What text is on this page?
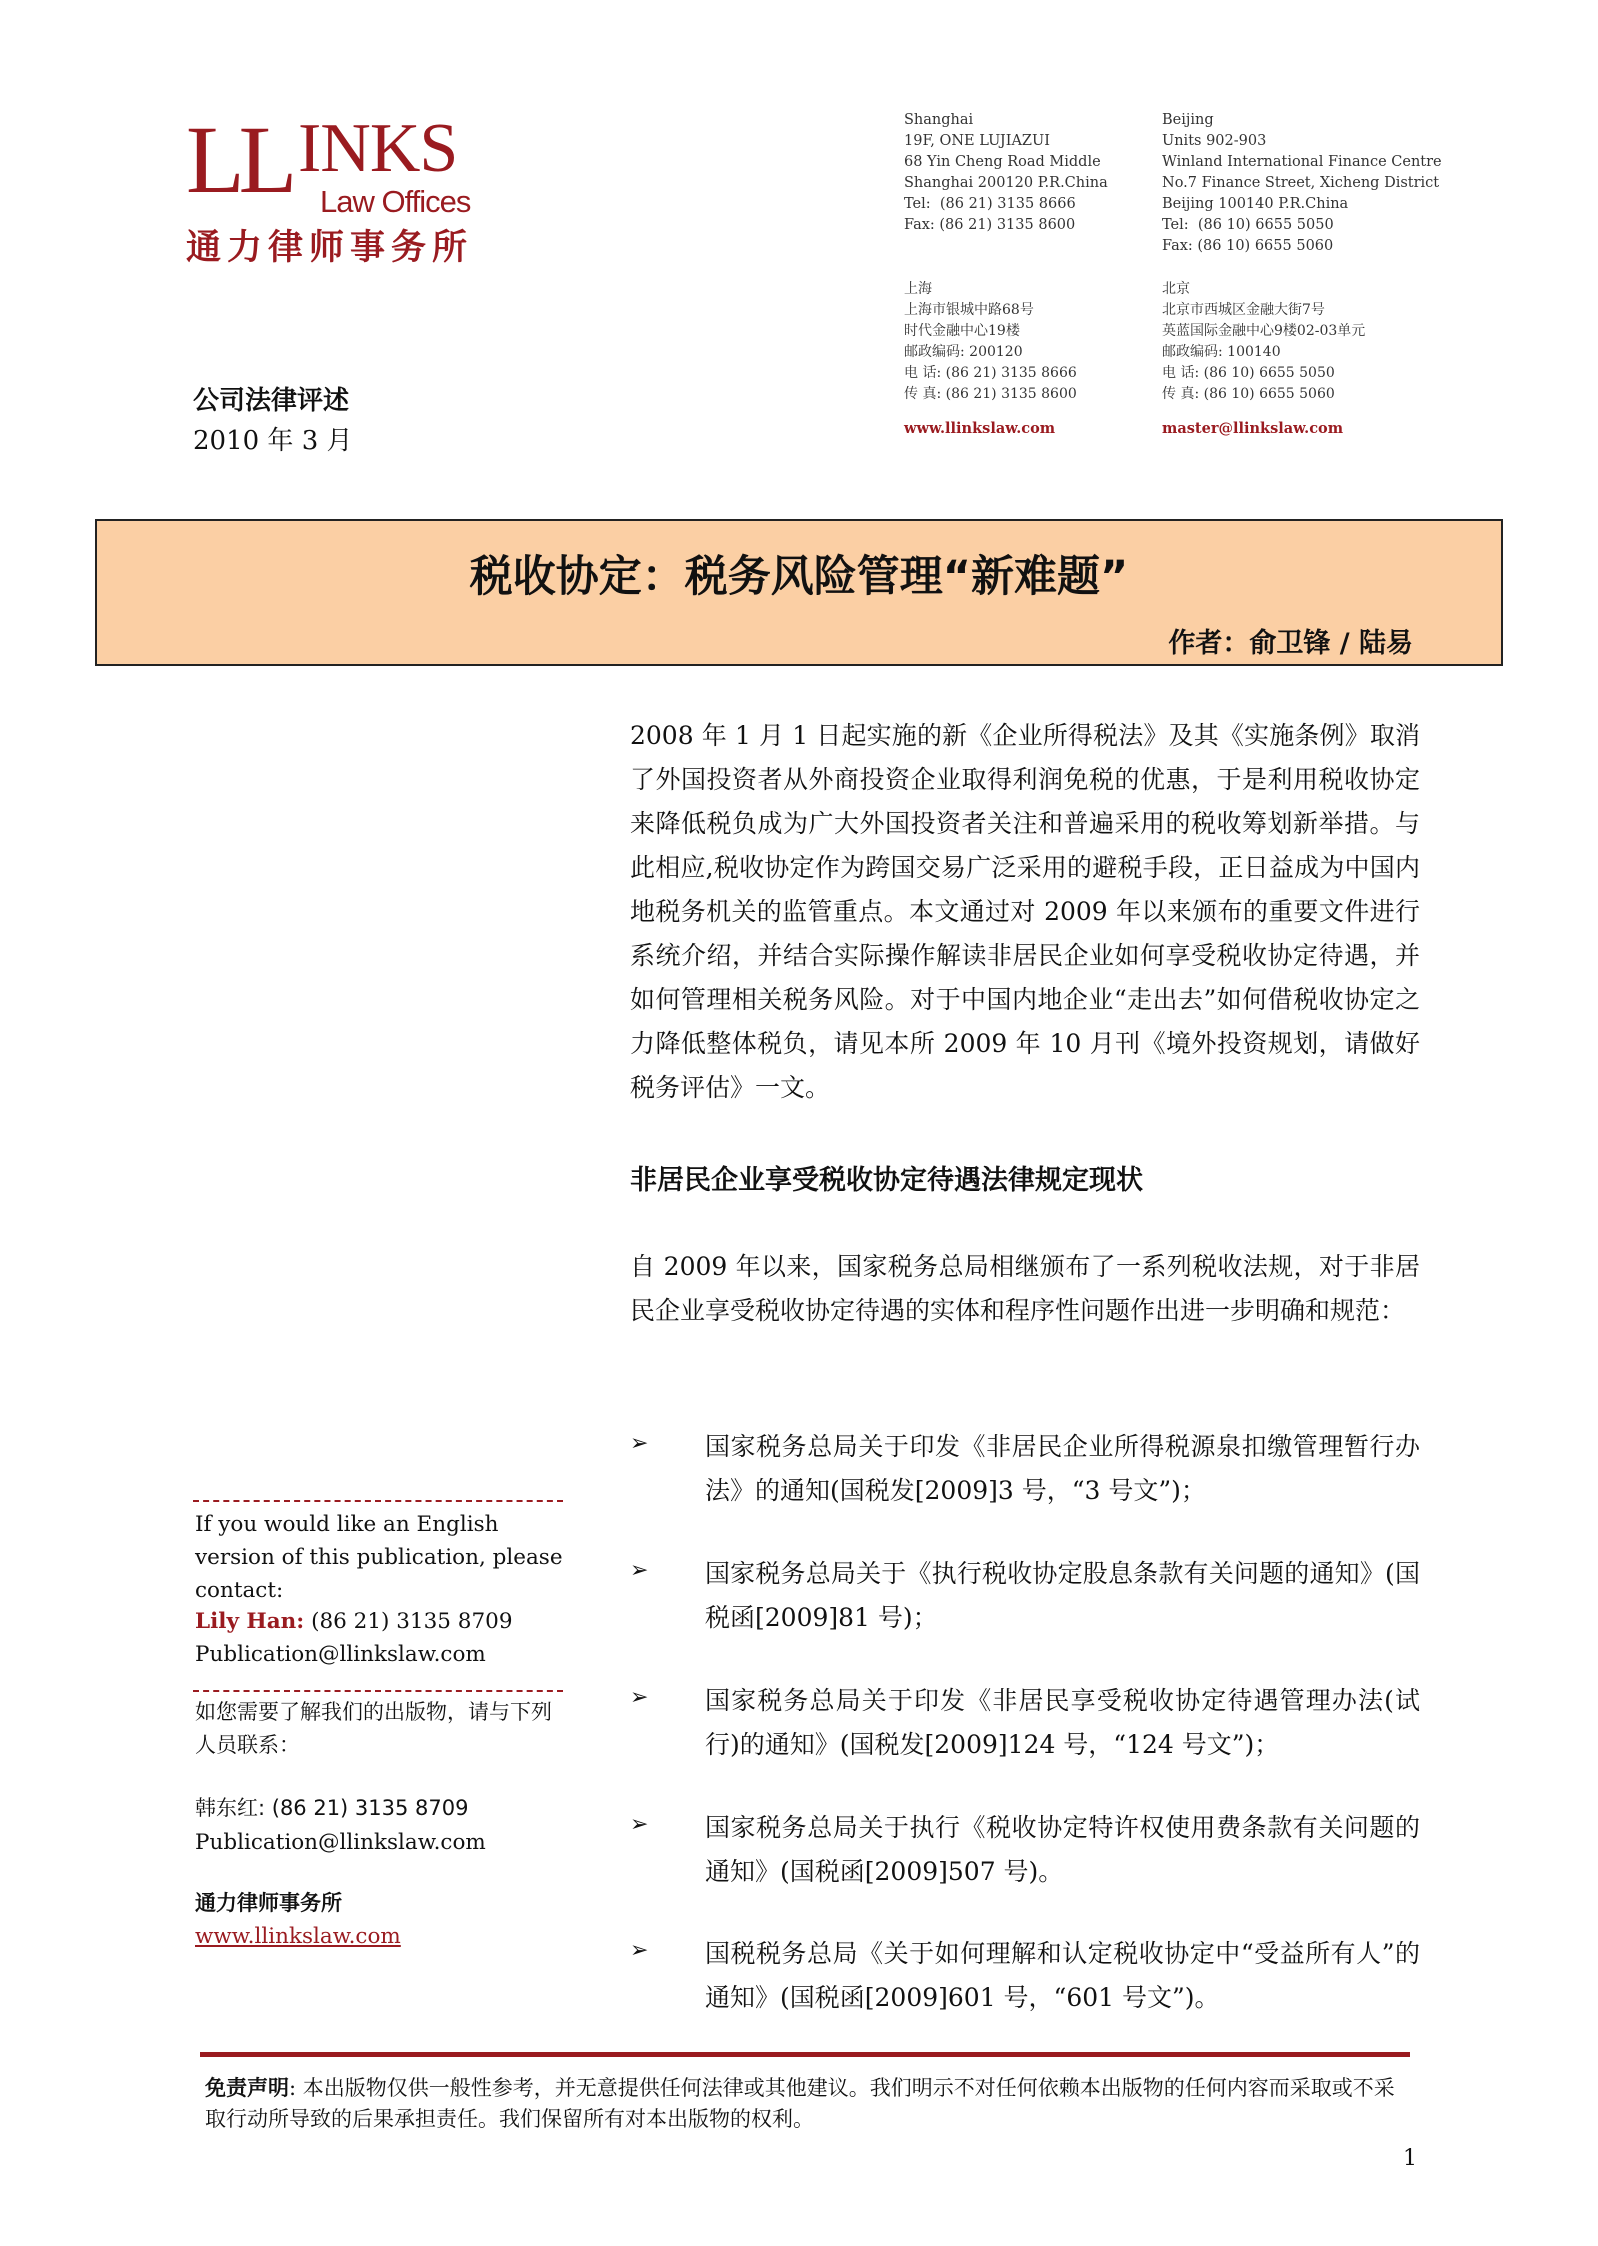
LL INKS
Law Offices
通力律师事务所
Shanghai
19F, ONE LUJIAZUI
68 Yin Cheng Road Middle
Shanghai 200120 P.R.China
Tel:  (86 21) 3135 8666
Fax: (86 21) 3135 8600
Beijing
Units 902-903
Winland International Finance Centre
No.7 Finance Street, Xicheng District
Beijing 100140 P.R.China
Tel:  (86 10) 6655 5050
Fax: (86 10) 6655 5060
上海
上海市银城中路68号
时代金融中心19楼
邮政编码: 200120
电 话: (86 21) 3135 8666
传 真: (86 21) 3135 8600
北京
北京市西城区金融大街7号
英蓝国际金融中心9楼02-03单元
邮政编码: 100140
电 话: (86 10) 6655 5050
传 真: (86 10) 6655 5060
www.llinkslaw.com	master@llinkslaw.com
公司法律评述
2010 年 3 月
税收协定：税务风险管理“新难题”
作者：俞卫锋 / 陆易
2008 年 1 月 1 日起实施的新《企业所得税法》及其《实施条例》取消了外国投资者从外商投资企业取得利润免税的优惠，于是利用税收协定来降低税负成为广大外国投资者关注和普遍采用的税收筹划新举措。与此相应,税收协定作为跨国交易广泛采用的避税手段，正日益成为中国内地税务机关的监管重点。本文通过对 2009 年以来颁布的重要文件进行系统介绍，并结合实际操作解读非居民企业如何享受税收协定待遇，并如何管理相关税务风险。对于中国内地企业“走出去”如何借税收协定之力降低整体税负，请见本所 2009 年 10 月刊《境外投资规划，请做好税务评估》一文。
非居民企业享受税收协定待遇法律规定现状
自 2009 年以来，国家税务总局相继颁布了一系列税收法规，对于非居民企业享受税收协定待遇的实体和程序性问题作出进一步明确和规范：
➢ 国家税务总局关于印发《非居民企业所得税源泉扣缴管理暂行办法》的通知(国税发[2009]3 号，“3 号文”)；
➢ 国家税务总局关于《执行税收协定股息条款有关问题的通知》(国税函[2009]81 号)；
➢ 国家税务总局关于印发《非居民享受税收协定待遇管理办法(试行)的通知》(国税发[2009]124 号，“124 号文”)；
➢ 国家税务总局关于执行《税收协定特许权使用费条款有关问题的通知》(国税函[2009]507 号)。
➢ 国税税务总局《关于如何理解和认定税收协定中“受益所有人”的通知》(国税函[2009]601 号，“601 号文”)。
If you would like an English version of this publication, please contact:
Lily Han: (86 21) 3135 8709
Publication@llinkslaw.com
如您需要了解我们的出版物，请与下列人员联系：
韩东红: (86 21) 3135 8709
Publication@llinkslaw.com
通力律师事务所
www.llinkslaw.com
免责声明: 本出版物仅供一般性参考，并无意提供任何法律或其他建议。我们明示不对任何依赖本出版物的任何内容而采取或不采取行动所导致的后果承担责任。我们保留所有对本出版物的权利。
1
